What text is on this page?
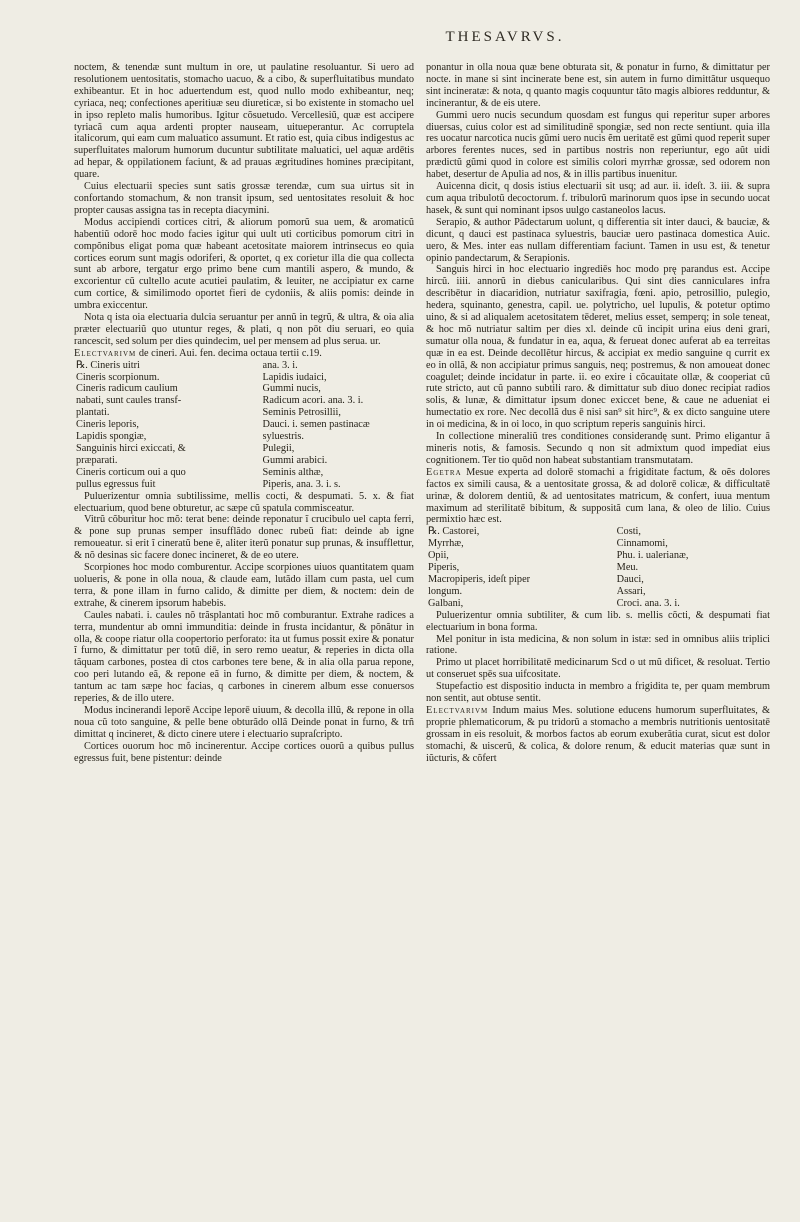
THESAVRVS.

noctem, & tenendæ sunt multum in ore, ut paulatine resoluantur. Si uero ad resolutionem uentositatis, stomacho uacuo, & a cibo, & superfluitatibus mundato exhibeantur. Et in hoc aduertendum est, quod nullo modo exhibeantur, neq; cyriaca, neq; confectiones aperitiuæ seu diureticæ, si bo existente in stomacho uel in ipso repleto malis humoribus. Igitur cõsuetudo. Vercellesiũ, quæ est accipere tyriacã cum aqua ardenti propter nauseam, uitueperantur. Ac corruptela italicorum, qui eam cum maluatico assumunt. Et ratio est, quia cibus indigestus ac superfluitates malorum humorum ducuntur subtilitate maluatici, uel aquæ ardētis ad hepar, & oppilationem faciunt, & ad prauas ægritudines homines præcipitant, quare.

Cuius electuarii species sunt satis grossæ terendæ, cum sua uirtus sit in confortando stomachum, & non transit ipsum, sed uentositates resoluit & hoc propter causas assigna tas in recepta diacymini.

Modus accipiendi cortices citri, & aliorum pomorũ sua uem, & aromaticũ habentiũ odorē hoc modo facies igitur qui uult uti corticibus pomorum citri in compõnibus eligat poma quæ habeant acetositate maiorem intrinsecus eo quia cortices eorum sunt magis odoriferi, & oportet, q ex corietur illa die qua collecta sunt ab arbore, tergatur ergo primo bene cum mantili aspero, & mundo, & excorientur cũ cultello acute acutiei paulatim, & leuiter, ne accipiatur ex carne cum cortice, & similimodo oportet fieri de cydoniis, & aliis pomis: deinde in umbra exiccentur.

Nota q ista oia electuaria dulcia seruantur per annũ in tegrũ, & ultra, & oia alia præter electuariũ quo utuntur reges, & plati, q non pōt diu seruari, eo quia rancescit, sed solum per dies quindecim, uel per mensem ad plus serua. ur.

Electvarivm de cineri. Aui. fen. decima octaua tertii c.19.

℞. Cineris uitri	ana. 3. i.
Cineris scorpionum.	Lapidis iudaici,
Cineris radicum caulium	Gummi nucis,
nabati, sunt caules transf-	Radicum acori. ana. 3. i.
plantati.	Seminis Petrosillii,
Cineris leporis,	Dauci. i. semen pastinacæ
Lapidis spongiæ,	syluestris.
Sanguinis hirci exiccati, &	Pulegii,
præparati.	Gummi arabici.
Cineris corticum oui a quo	Seminis althæ,
pullus egressus fuit	Piperis, ana. 3. i. s.

Puluerizentur omnia subtilissime, mellis cocti, & despumati. 5. x. & fiat electuarium, quod bene obturetur, ac sæpe cũ spatula commisceatur.

Vitrũ cõburitur hoc mõ: terat bene: deinde reponatur ĩ crucibulo uel capta ferri, & pone sup prunas semper insufflãdo donec rubeũ fiat: deinde ab igne remoueatur. si erit ĩ cineratũ bene ē, aliter iterũ ponatur sup prunas, & insufflettur, & nõ desinas sic facere donec incineret, & de eo utere.

Scorpiones hoc modo comburentur. Accipe scorpiones uiuos quantitatem quam uolueris, & pone in olla noua, & claude eam, lutãdo illam cum pasta, uel cum terra, & pone illam in furno calido, & dimitte per diem, & noctem: dein de extrahe, & cinerem ipsorum habebis.

Caules nabati. i. caules nõ trãsplantati hoc mõ comburantur. Extrahe radices a terra, mundentur ab omni immunditia: deinde in frusta incidantur, & põnãtur in olla, & coope riatur olla coopertorio perforato: ita ut fumus possit exire & ponatur ĩ furno, & dimittatur per totũ diē, in sero remo ueatur, & reperies in dicta olla tãquam carbones, postea di ctos carbones tere bene, & in alia olla parua repone, coo peri lutando eã, & repone eã in furno, & dimitte per diem, & noctem, & tantum ac tam sæpe hoc facias, q carbones in cinerem album esse conuersos reperies, & de illo utere.

Modus incinerandi leporē Accipe leporē uiuum, & decolla illũ, & repone in olla noua cũ toto sanguine, & pelle bene obturãdo ollã Deinde ponat in furno, & trñ dimittat q incineret, & dicto cinere utere i electuario supraſcripto.

Cortices ouorum hoc mõ incinerentur. Accipe cortices ouorũ a quibus pullus egressus fuit, bene pistentur: deinde

ponantur in olla noua quæ bene obturata sit, & ponatur in furno, & dimittatur per nocte. in mane si sint incinerate bene est, sin autem in furno dimittãtur usquequo sint incineratæ: & nota, q quanto magis coquuntur tãto magis albiores redduntur, & incinerantur, & de eis utere.

Gummi uero nucis secundum quosdam est fungus qui reperitur super arbores diuersas, cuius color est ad similitudinē spongiæ, sed non recte sentiunt. quia illa res uocatur narcotica nucis gũmi uero nucis ẽm ueritatē est gũmi quod reperit super arbores ferentes nuces, sed in partibus nostris non reperiuntur, ego aũt uidi prædictũ gũmi quod in colore est similis colori myrrhæ grossæ, sed odorem non habet, desertur de Apulia ad nos, & in illis partibus inuenitur.

Auicenna dicit, q dosis istius electuarii sit usq; ad aur. ii. ideſt. 3. iii. & supra cum aqua tribulotũ decoctorum. f. tribulorũ marinorum quos ipse in secundo uocat hasek, & sunt qui nominant ipsos uulgo castaneolos lacus.

Serapio, & author Pãdectarum uolunt, q differentia sit inter dauci, & bauciæ, & dicunt, q dauci est pastinaca syluestris, bauciæ uero pastinaca domestica Auic. uero, & Mes. inter eas nullam differentiam faciunt. Tamen in usu est, & tenetur opinio pandectarum, & Serapionis.

Sanguis hirci in hoc electuario ingrediēs hoc modo prę parandus est. Accipe hircũ. iiii. annorũ in diebus canicularibus. Qui sint dies canniculares infra describētur in diacaridion, nutriatur saxifragia, fœni. apio, petrosillio, pulegio, hedera, squinanto, genestra, capil. ue. polytricho, uel lupulis, & potetur optimo uino, & si ad aliqualem acetositatem tēderet, melius esset, semperq; in sole teneat, & hoc mõ nutriatur saltim per dies xl. deinde cũ incipit urina eius deni grari, sumatur olla noua, & fundatur in ea, aqua, & ferueat donec auferat ab ea terreitas quæ in ea est. Deinde decollẽtur hircus, & accipiat ex medio sanguine q currit ex eo in ollã, & non accipiatur primus sanguis, neq; postremus, & non amoueat donec coagulet; deinde incidatur in parte. ii. eo exire i cõcauitate ollæ, & cooperiat cũ rute stricto, aut cũ panno subtili raro. & dimittatur sub diuo donec recipiat radios solis, & lunæ, & dimittatur ipsum donec exiccet bene, & caue ne adueniat ei humectatio ex rore. Nec decollã dus ē nisi san⁹ sit hirc⁹, & ex dicto sanguine utere in oi medicina, & in oi loco, in quo scriptum reperis sanguinis hirci.

In collectione mineraliũ tres conditiones considerandę sunt. Primo eligantur ã mineris notis, & famosis. Secundo q non sit admixtum quod impediat eius cognitionem. Ter tio quõd non habeat substantiam transmutatam.

Egetra Mesue experta ad dolorē stomachi a frigiditate factum, & oẽs dolores factos ex simili causa, & a uentositate grossa, & ad dolorē colicæ, & difficultatē urinæ, & dolorem dentiũ, & ad uentositates matricum, & confert, iuua mentum maximum ad sterilitatē bibitum, & suppositã cum lana, & oleo de lilio. Cuius permixtio hæc est.

℞. Castorei,	Costi,
Myrrhæ,	Cinnamomi,
Opii,	Phu. i. ualerianæ,
Piperis,	Meu.
Macropiperis, ideſt piper	Dauci,
longum.	Assari,
Galbani,	Croci. ana. 3. i.

Puluerizentur omnia subtiliter, & cum lib. s. mellis cõcti, & despumati fiat electuarium in bona forma.

Mel ponitur in ista medicina, & non solum in istæ: sed in omnibus aliis triplici ratione.

Primo ut placet horribilitatē medicinarum Scd o ut mũ dificet, & resoluat. Tertio ut conseruet spēs sua uifcositate.

Stupefactio est dispositio inducta in membro a frigidita te, per quam membrum non sentit, aut obtuse sentit.

Electvarivm Indum maius Mes. solutione educens humorum superfluitates, & proprie phlematicorum, & pu tridorũ a stomacho a membris nutritionis uentositatē grossam in eis resoluit, & morbos factos ab eorum exuberãtia curat, sicut est dolor stomachi, & uiscerũ, & colica, & dolore renum, & educit materias quæ sunt in iũcturis, & cõfert
